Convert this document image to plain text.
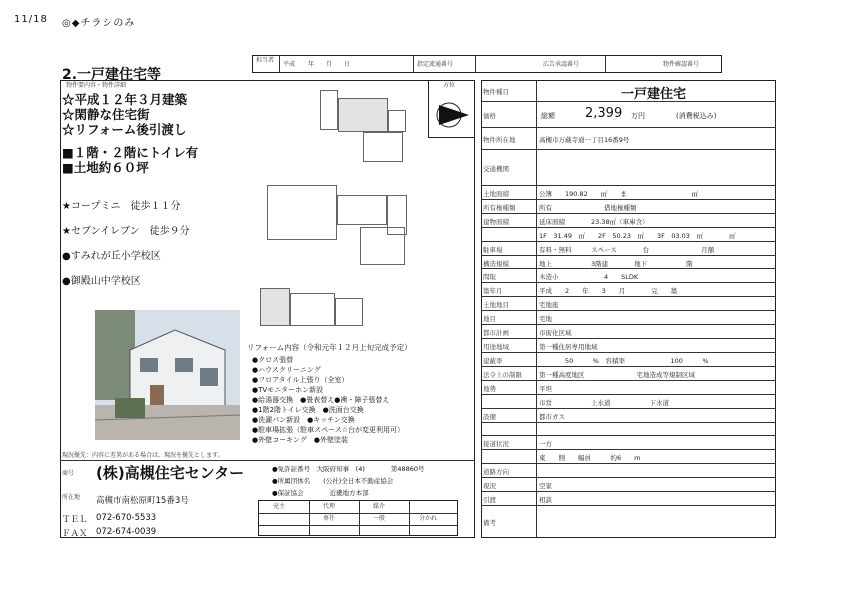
11/18 ◎◆チラシのみ
担当者
平成 年　　月　　日	指定流通番号	広告承認番号	物件確認番号
2.一戸建住宅等
物件要内容・物件詳細
☆平成１２年３月建築
☆閑静な住宅街
☆リフォーム後引渡し
■１階・２階にトイレ有
■土地約６０坪
★コープミニ　徒歩１１分
★セブンイレブン　徒歩９分
●すみれが丘小学校区
●御殿山中学校区
方位
リフォーム内容（令和元年１２月上旬完成予定）
●クロス張替
●ハウスクリーニング
●フロアタイル上張り（全室）
●TVモニターホン新設
●給湯器交換　●畳表替え●襖・障子張替え
●1階2階トイレ交換　●洗面台交換
●洗濯パン新設　●キッチン交換
●駐車場拡張（駐車スペース☆台が変更利用可）
●外壁コーキング　●外壁塗装
現況優先：内容に差異がある場合は、現況を優先とします。
商号 (株)高槻住宅センター
所在地 高槻市南松原町15番3号
ＴＥＬ 072-670-5533
ＦＡＸ 072-674-0039
●免許証番号　大阪府知事　(4)　　　　第48860号
●所属団体名　　(公社)全日本不動産協会
●保証協会　　　　近畿地方本部
売主	代理	媒介
専任	一般	分かれ
物件種目	一戸建住宅
価格	総額 2,399 万円	(消費税込み)
物件所在地	高槻市万蔵寺通一丁目16番9号
交通機関
土地面積	公簿　　190.82　　㎡　　ま　　　　　　　　　　㎡
所有権種類	所有　　　　　　　　借地権種類
建物面積	延床面積　　　　23.38㎡（車庫含）
1F　31.49　㎡　　2F　50.23　㎡　　3F　03.03　㎡　　　　㎡
駐車場	有料・無料　　　スペース　　　　台　　　　　　　　月額
構造規模	地上　　　　　　3階建　　　　地下　　　　　　階
間取	木造小　　　　　　　4　　SLDK
築年月	平成　　2　　年　　3　　月　　　　完　　築
土地地目	宅地座
地目	宅地
都市計画	市街化区域
用途地域	第一種住居専用地域
建蔽率	　　　　50　　　%　容積率　　　　　　　100　　　%
法令上の制限	第一種高度地区　　　　　　　　宅地造成等規制区域
地勢	平坦
市営　　　　　　上水道　　　　　　下水道
設備	都市ガス
接道状況	一方
東　　側　　幅員　　　約6　　m
道路方向
現況	空家
引渡	相談
備考
